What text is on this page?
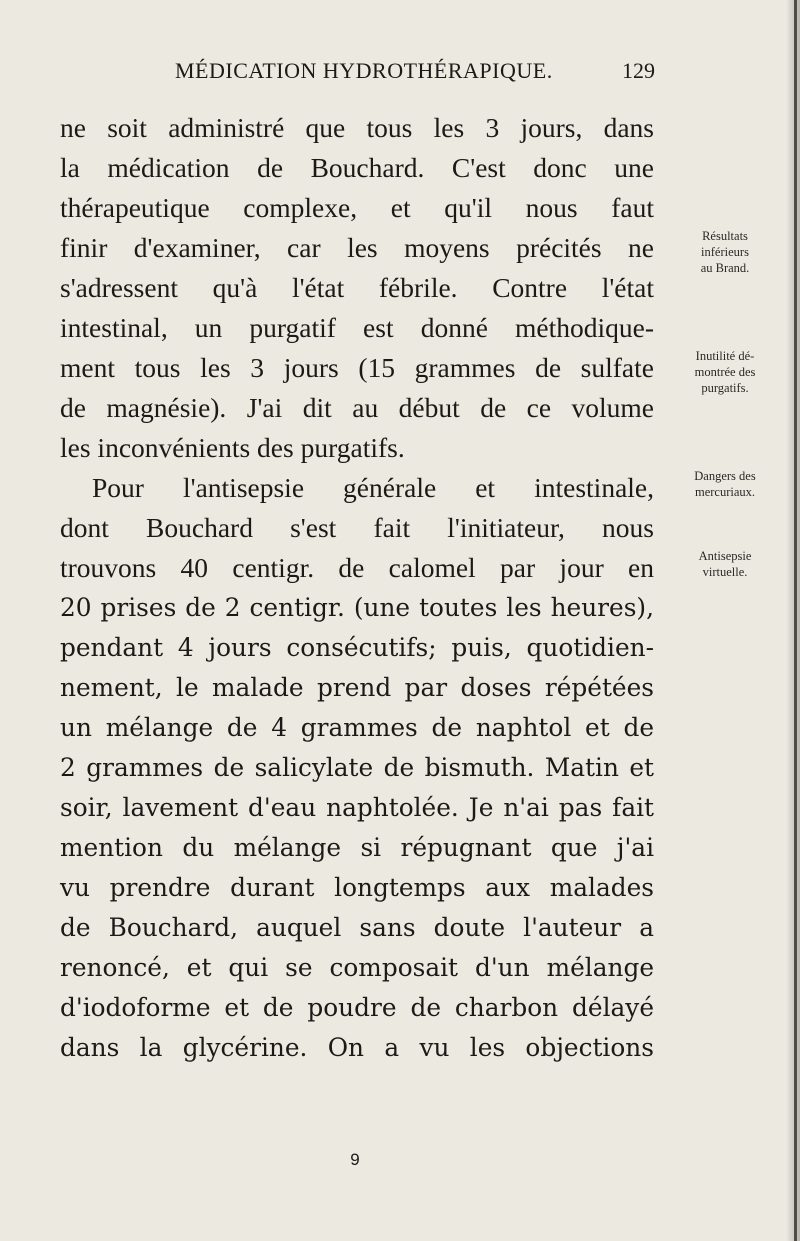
MÉDICATION HYDROTHÉRAPIQUE.	129
ne soit administré que tous les 3 jours, dans
la médication de Bouchard. C'est donc une
thérapeutique complexe, et qu'il nous faut
finir d'examiner, car les moyens précités ne
s'adressent qu'à l'état fébrile. Contre l'état
intestinal, un purgatif est donné méthodique-
ment tous les 3 jours (15 grammes de sulfate
de magnésie). J'ai dit au début de ce volume
les inconvénients des purgatifs.
Pour l'antisepsie générale et intestinale,
dont Bouchard s'est fait l'initiateur, nous
trouvons 40 centigr. de calomel par jour en
20 prises de 2 centigr. (une toutes les heures),
pendant 4 jours consécutifs; puis, quotidien-
nement, le malade prend par doses répétées
un mélange de 4 grammes de naphtol et de
2 grammes de salicylate de bismuth. Matin et
soir, lavement d'eau naphtolée. Je n'ai pas fait
mention du mélange si répugnant que j'ai
vu prendre durant longtemps aux malades
de Bouchard, auquel sans doute l'auteur a
renoncé, et qui se composait d'un mélange
d'iodoforme et de poudre de charbon délayé
dans la glycérine. On a vu les objections
Résultats
inférieurs
au Brand.
Inutilité dé-
montrée des
purgatifs.
Dangers des
mercuriaux.
Antisepsie
virtuelle.
9
